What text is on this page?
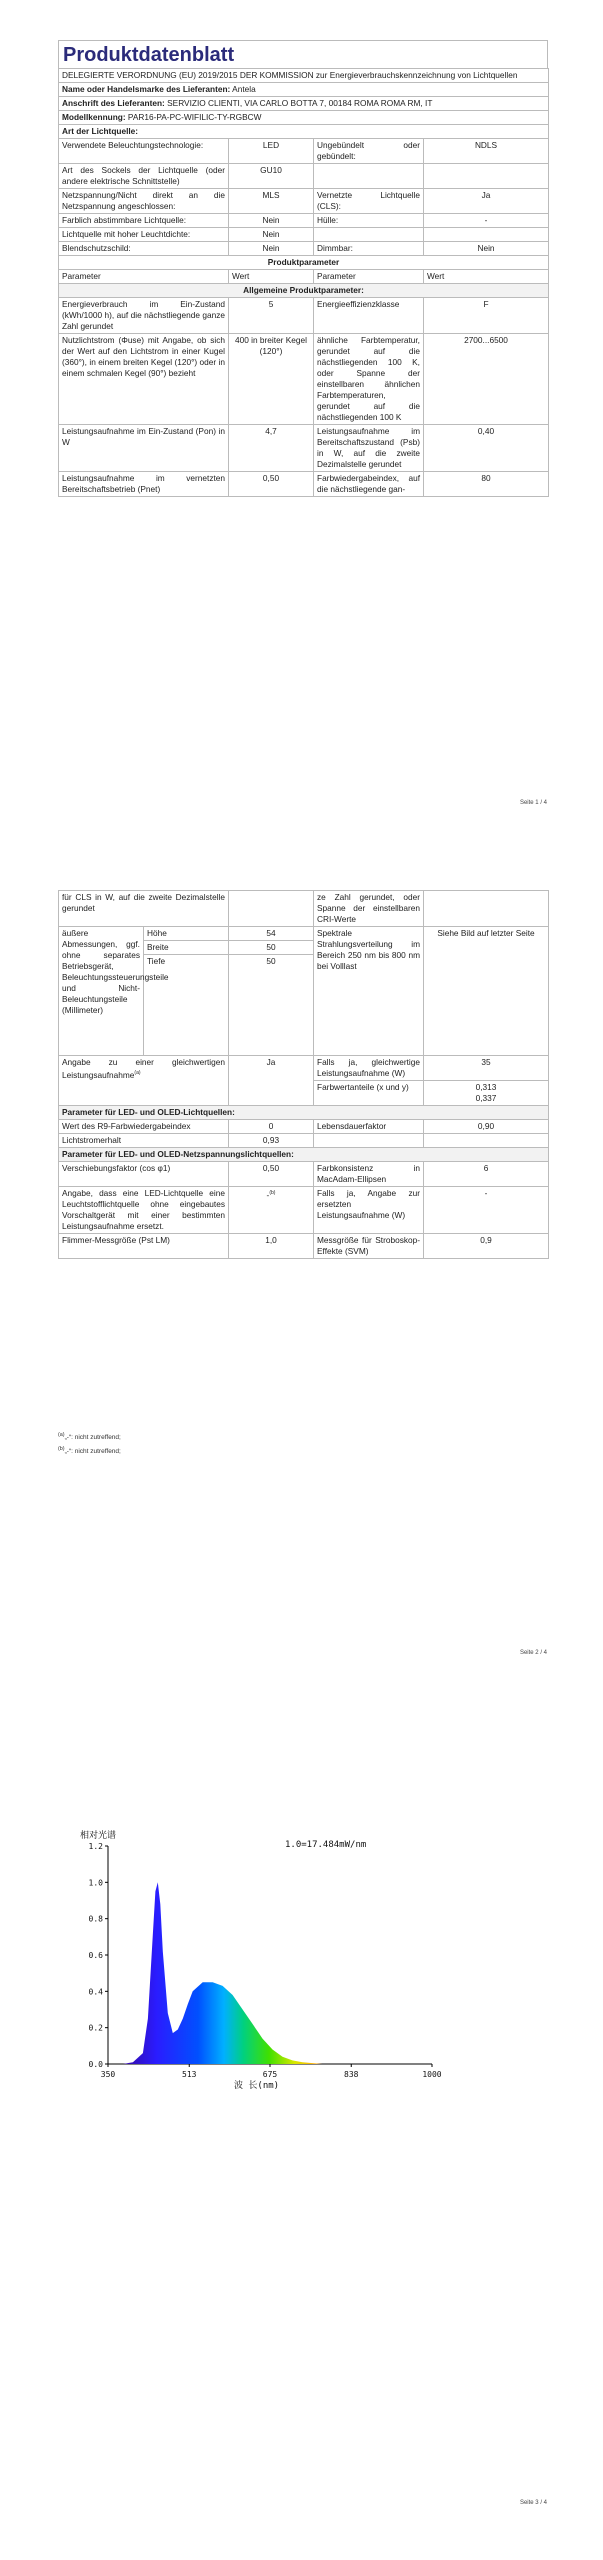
Produktdatenblatt
DELEGIERTE VERORDNUNG (EU) 2019/2015 DER KOMMISSION zur Energieverbrauchskennzeichnung von Lichtquellen			
Name oder Handelsmarke des Lieferanten: Antela			
Anschrift des Lieferanten: SERVIZIO CLIENTI, VIA CARLO BOTTA 7, 00184 ROMA ROMA RM, IT			
Modellkennung: PAR16-PA-PC-WIFILIC-TY-RGBCW			
Art der Lichtquelle:			
Verwendete Beleuchtungstechnologie:	LED	Ungebündelt oder gebündelt:	NDLS
Art des Sockels der Lichtquelle (oder andere elektrische Schnittstelle)	GU10		
Netzspannung/Nicht direkt an die Netzspannung angeschlossen:	MLS	Vernetzte Lichtquelle (CLS):	Ja
Farblich abstimmbare Lichtquelle:	Nein	Hülle:	-
Lichtquelle mit hoher Leuchtdichte:	Nein		
Blendschutzschild:	Nein	Dimmbar:	Nein
Produktparameter			
Parameter	Wert	Parameter	Wert
Allgemeine Produktparameter:			
Energieverbrauch im Ein-Zustand (kWh/1000 h), auf die nächstliegende ganze Zahl gerundet	5	Energieeffizienzklasse	F
Nutzlichtstrom (Φuse) mit Angabe, ob sich der Wert auf den Lichtstrom in einer Kugel (360°), in einem breiten Kegel (120°) oder in einem schmalen Kegel (90°) bezieht	400 in breiter Kegel (120°)	ähnliche Farbtemperatur, gerundet auf die nächstliegenden 100 K, oder Spanne der einstellbaren ähnlichen Farbtemperaturen, gerundet auf die nächstliegenden 100 K	2700...6500
Leistungsaufnahme im Ein-Zustand (Pon) in W	4,7	Leistungsaufnahme im Bereitschaftszustand (Psb) in W, auf die zweite Dezimalstelle gerundet	0,40
Leistungsaufnahme im vernetzten Bereitschaftsbetrieb (Pnet)	0,50	Farbwiedergabeindex, auf die nächstliegende gan-	80
Seite 1 / 4
für CLS in W, auf die zweite Dezimalstelle gerundet			ze Zahl gerundet, oder Spanne der einstellbaren CRI-Werte	
äußere Abmessungen, ggf. ohne separates Betriebsgerät, Beleuchtungssteuerungsteile und Nicht-Beleuchtungsteile (Millimeter)	Höhe	54	Spektrale Strahlungsverteilung im Bereich 250 nm bis 800 nm bei Volllast	Siehe Bild auf letzter Seite
	Breite	50		
	Tiefe	50		
Angabe zu einer gleichwertigen Leistungsaufnahme$^{(a)}$		Ja	Falls ja, gleichwertige Leistungsaufnahme (W)	35
			Farbwertanteile (x und y)	0,313
0,337

Parameter für LED- und OLED-Lichtquellen:				
Wert des R9-Farbwiedergabeindex		0	Lebensdauerfaktor	0,90
Lichtstromerhalt		0,93		
Parameter für LED- und OLED-Netzspannungslichtquellen:				
Verschiebungsfaktor (cos φ1)		0,50	Farbkonsistenz in MacAdam-Ellipsen	6
Angabe, dass eine LED-Lichtquelle eine Leuchtstofflichtquelle ohne eingebautes Vorschaltgerät mit einer bestimmten Leistungsaufnahme ersetzt.		-$^{(b)}$	Falls ja, Angabe zur ersetzten Leistungsaufnahme (W)	-
Flimmer-Messgröße (Pst LM)		1,0	Messgröße für Stroboskop-Effekte (SVM)	0,9
$^{(a)}$„-“: nicht zutreffend;
$^{(b)}$„-“: nicht zutreffend;
Seite 2 / 4
相对光谱
1.0=17.484mW/nm
波 长(nm)
0.0
0.2
0.4
0.6
0.8
1.0
1.2
350	513	675	838	1000
Seite 3 / 4
